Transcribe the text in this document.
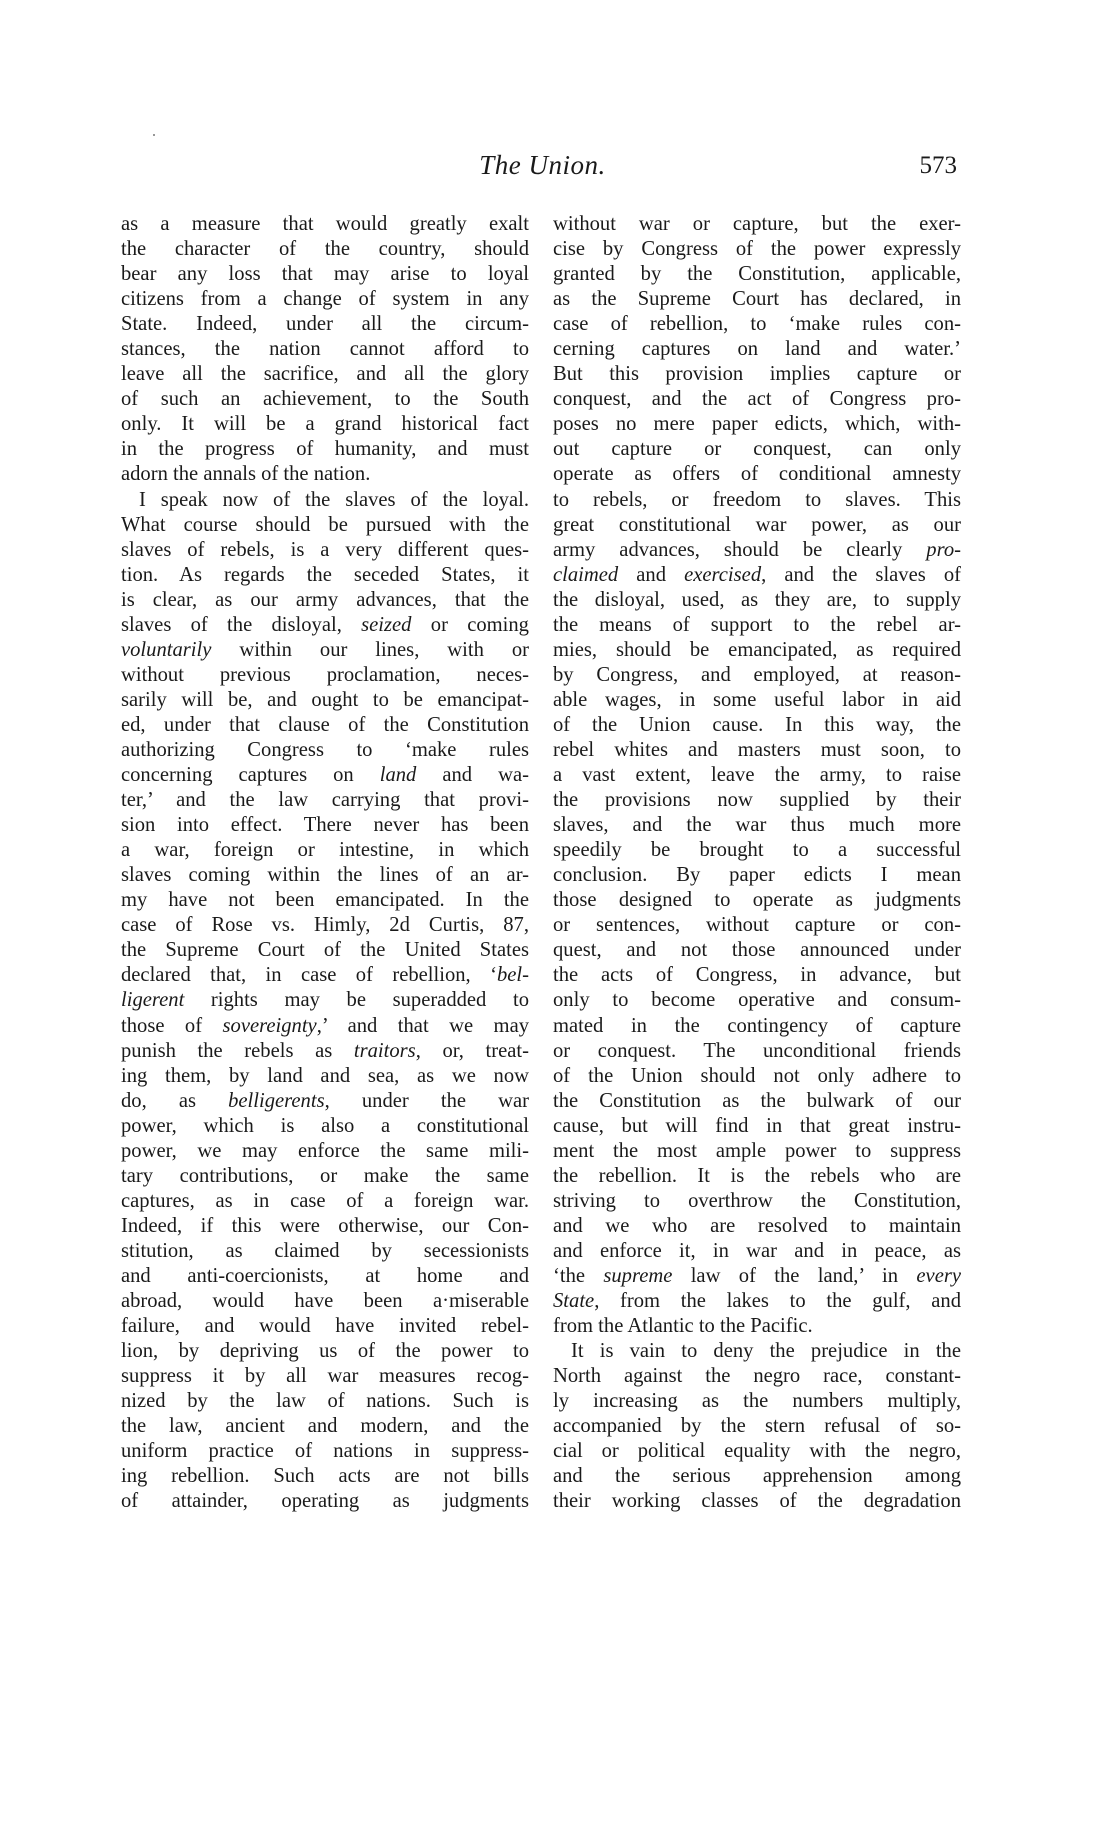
The Union.	573
as a measure that would greatly exalt
the character of the country, should
bear any loss that may arise to loyal
citizens from a change of system in any
State. Indeed, under all the circum-
stances, the nation cannot afford to
leave all the sacrifice, and all the glory
of such an achievement, to the South
only. It will be a grand historical fact
in the progress of humanity, and must
adorn the annals of the nation.
I speak now of the slaves of the loyal.
What course should be pursued with the
slaves of rebels, is a very different ques-
tion. As regards the seceded States, it
is clear, as our army advances, that the
slaves of the disloyal, seized or coming
voluntarily within our lines, with or
without previous proclamation, neces-
sarily will be, and ought to be emancipat-
ed, under that clause of the Constitution
authorizing Congress to ‘make rules
concerning captures on land and wa-
ter,’ and the law carrying that provi-
sion into effect. There never has been
a war, foreign or intestine, in which
slaves coming within the lines of an ar-
my have not been emancipated. In the
case of Rose vs. Himly, 2d Curtis, 87,
the Supreme Court of the United States
declared that, in case of rebellion, ‘bel-
ligerent rights may be superadded to
those of sovereignty,’ and that we may
punish the rebels as traitors, or, treat-
ing them, by land and sea, as we now
do, as belligerents, under the war
power, which is also a constitutional
power, we may enforce the same mili-
tary contributions, or make the same
captures, as in case of a foreign war.
Indeed, if this were otherwise, our Con-
stitution, as claimed by secessionists
and anti-coercionists, at home and
abroad, would have been a·miserable
failure, and would have invited rebel-
lion, by depriving us of the power to
suppress it by all war measures recog-
nized by the law of nations. Such is
the law, ancient and modern, and the
uniform practice of nations in suppress-
ing rebellion. Such acts are not bills
of attainder, operating as judgments
without war or capture, but the exer-
cise by Congress of the power expressly
granted by the Constitution, applicable,
as the Supreme Court has declared, in
case of rebellion, to ‘make rules con-
cerning captures on land and water.’
But this provision implies capture or
conquest, and the act of Congress pro-
poses no mere paper edicts, which, with-
out capture or conquest, can only
operate as offers of conditional amnesty
to rebels, or freedom to slaves. This
great constitutional war power, as our
army advances, should be clearly pro-
claimed and exercised, and the slaves of
the disloyal, used, as they are, to supply
the means of support to the rebel ar-
mies, should be emancipated, as required
by Congress, and employed, at reason-
able wages, in some useful labor in aid
of the Union cause. In this way, the
rebel whites and masters must soon, to
a vast extent, leave the army, to raise
the provisions now supplied by their
slaves, and the war thus much more
speedily be brought to a successful
conclusion. By paper edicts I mean
those designed to operate as judgments
or sentences, without capture or con-
quest, and not those announced under
the acts of Congress, in advance, but
only to become operative and consum-
mated in the contingency of capture
or conquest. The unconditional friends
of the Union should not only adhere to
the Constitution as the bulwark of our
cause, but will find in that great instru-
ment the most ample power to suppress
the rebellion. It is the rebels who are
striving to overthrow the Constitution,
and we who are resolved to maintain
and enforce it, in war and in peace, as
‘the supreme law of the land,’ in every
State, from the lakes to the gulf, and
from the Atlantic to the Pacific.
It is vain to deny the prejudice in the
North against the negro race, constant-
ly increasing as the numbers multiply,
accompanied by the stern refusal of so-
cial or political equality with the negro,
and the serious apprehension among
their working classes of the degradation
